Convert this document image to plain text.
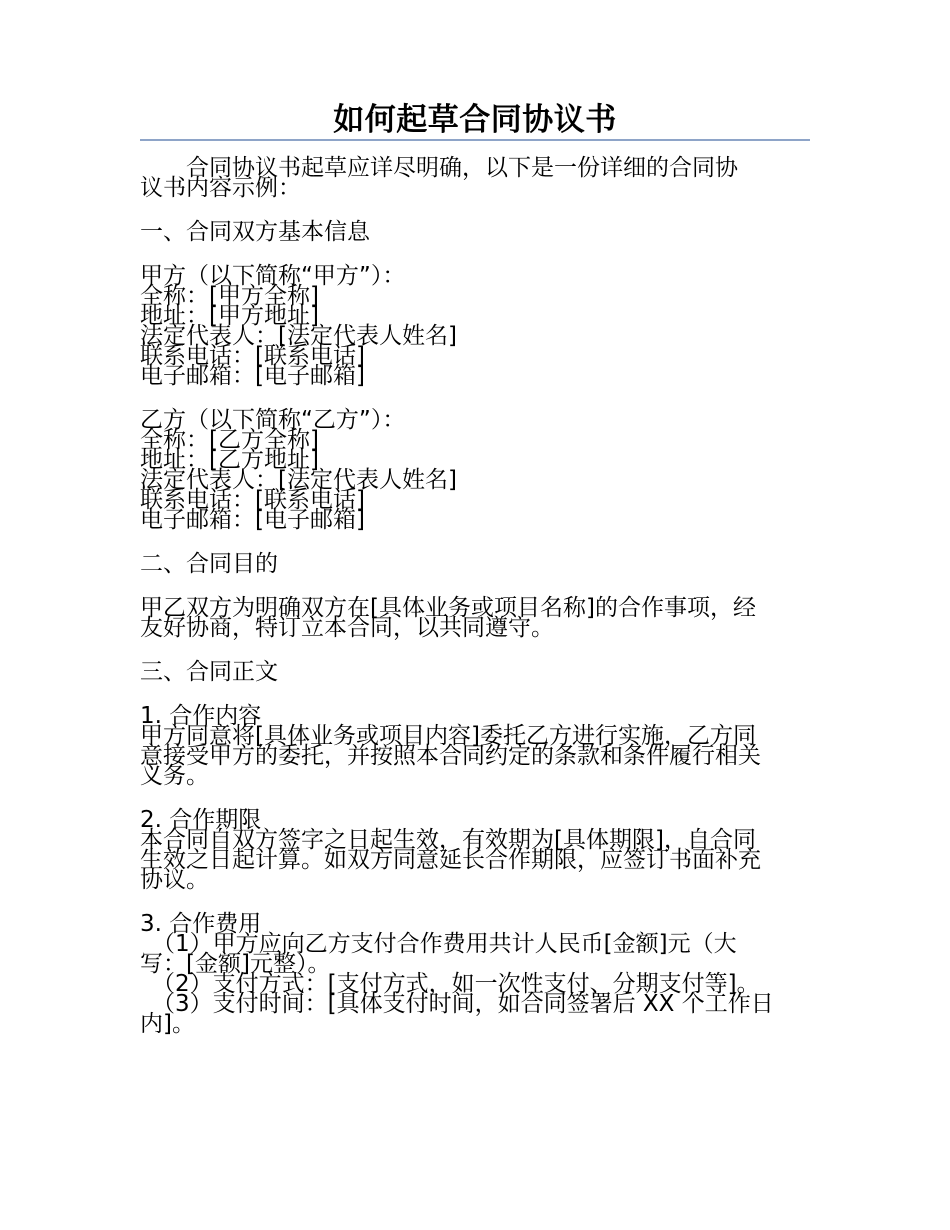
如何起草合同协议书
合同协议书起草应详尽明确，以下是一份详细的合同协
议书内容示例：
一、合同双方基本信息
甲方（以下简称“甲方”）：
全称：[甲方全称]
地址：[甲方地址]
法定代表人：[法定代表人姓名]
联系电话：[联系电话]
电子邮箱：[电子邮箱]
乙方（以下简称“乙方”）：
全称：[乙方全称]
地址：[乙方地址]
法定代表人：[法定代表人姓名]
联系电话：[联系电话]
电子邮箱：[电子邮箱]
二、合同目的
甲乙双方为明确双方在[具体业务或项目名称]的合作事项，经
友好协商，特订立本合同，以共同遵守。
三、合同正文
1. 合作内容
甲方同意将[具体业务或项目内容]委托乙方进行实施，乙方同
意接受甲方的委托，并按照本合同约定的条款和条件履行相关
义务。
2. 合作期限
本合同自双方签字之日起生效，有效期为[具体期限]，自合同
生效之日起计算。如双方同意延长合作期限，应签订书面补充
协议。
3. 合作费用
（1）甲方应向乙方支付合作费用共计人民币[金额]元（大
写：[金额]元整）。
（2）支付方式：[支付方式，如一次性支付、分期支付等]。
（3）支付时间：[具体支付时间，如合同签署后 XX 个工作日
内]。
